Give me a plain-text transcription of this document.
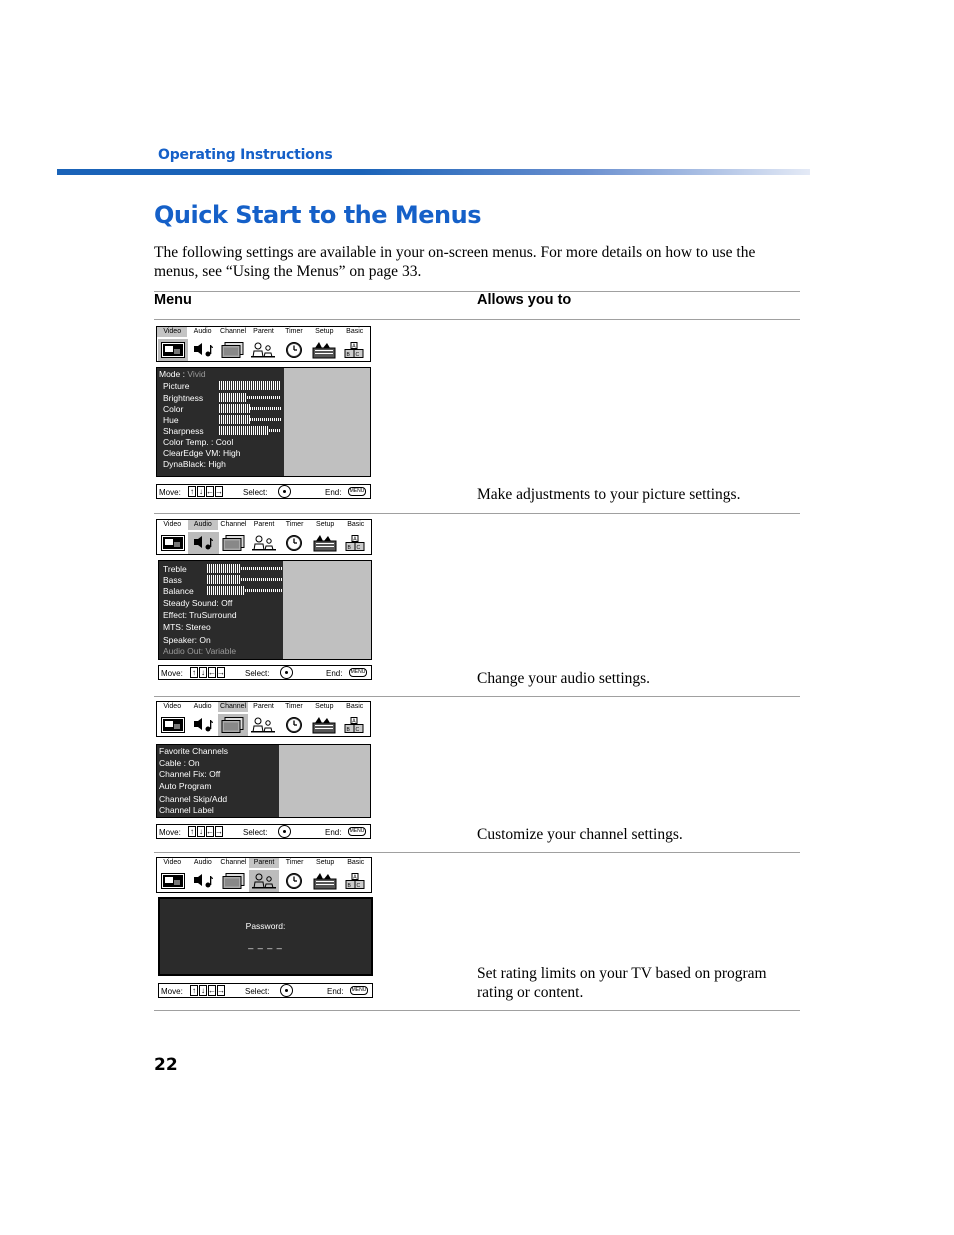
Operating Instructions
Quick Start to the Menus

The following settings are available in your on-screen menus. For more details on how to use the menus, see “Using the Menus” on page 33.

Menu	Allows you to
Video	Audio	Channel	Parent	Timer	Setup	Basic
A
B C
Mode : Vivid
Picture
Brightness
Color
Hue
Sharpness
Color Temp. : Cool
ClearEdge VM: High
DynaBlack: High
Move: ↑ ↓ ← →	Select:	End:	MENU	Make adjustments to your picture settings.
Video	Audio	Channel	Parent	Timer	Setup	Basic
A
B C
Treble
Bass
Balance
Steady Sound: Off
Effect: TruSurround
MTS: Stereo
Speaker: On
Audio Out: Variable
Move: ↑ ↓ ← →	Select:	End:	MENU	Change your audio settings.
Video	Audio	Channel	Parent	Timer	Setup	Basic
A
B C
Favorite Channels
Cable : On
Channel Fix: Off
Auto Program
Channel Skip/Add
Channel Label
Move: ↑ ↓ ← →	Select:	End:	MENU	Customize your channel settings.
Video	Audio	Channel	Parent	Timer	Setup	Basic
A
B C
Password:
_ _ _ _
Move: ↑ ↓ ← →	Select:	End:	MENU
Set rating limits on your TV based on program rating or content.
22
